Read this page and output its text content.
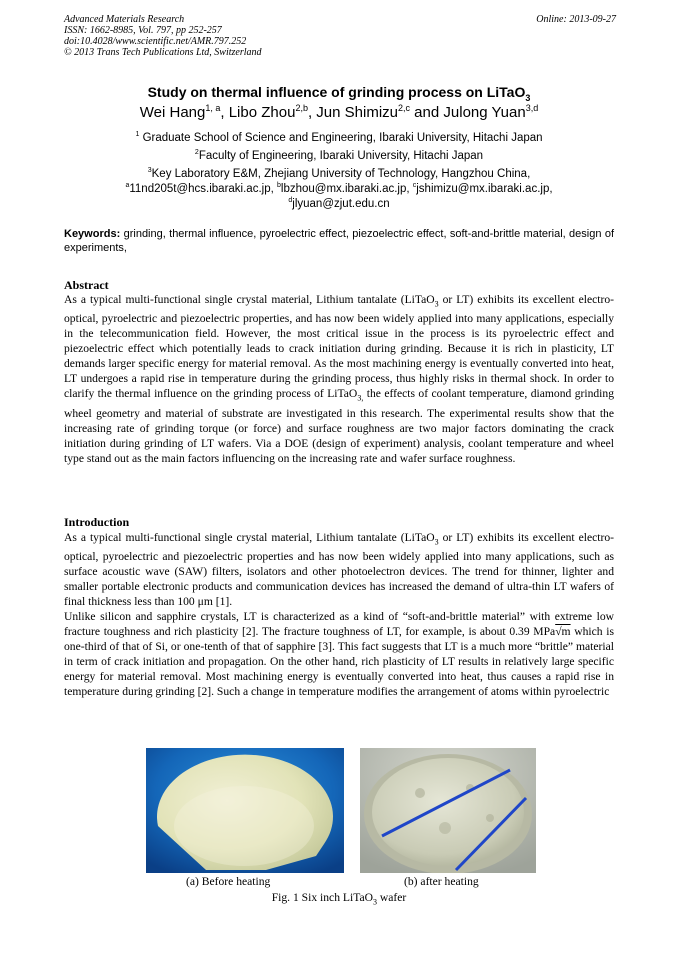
Advanced Materials Research
ISSN: 1662-8985, Vol. 797, pp 252-257
doi:10.4028/www.scientific.net/AMR.797.252
© 2013 Trans Tech Publications Ltd, Switzerland
Online: 2013-09-27
Study on thermal influence of grinding process on LiTaO$_3$
Wei Hang$^{1, a}$, Libo Zhou$^{2,b}$, Jun Shimizu$^{2,c}$ and Julong Yuan$^{3,d}$
$^1$ Graduate School of Science and Engineering, Ibaraki University, Hitachi Japan
$^2$Faculty of Engineering, Ibaraki University, Hitachi Japan
$^3$Key Laboratory E&M, Zhejiang University of Technology, Hangzhou China,
$^a$11nd205t@hcs.ibaraki.ac.jp, $^b$lbzhou@mx.ibaraki.ac.jp, $^c$jshimizu@mx.ibaraki.ac.jp,
$^d$jlyuan@zjut.edu.cn
Keywords: grinding, thermal influence, pyroelectric effect, piezoelectric effect, soft-and-brittle material, design of experiments,
Abstract

As a typical multi-functional single crystal material, Lithium tantalate (LiTaO$_3$ or LT) exhibits its excellent electro-optical, pyroelectric and piezoelectric properties, and has now been widely applied into many applications, especially in the telecommunication field. However, the most critical issue in the process is its pyroelectric effect and piezoelectric effect which potentially leads to crack initiation during grinding. Because it is rich in plasticity, LT demands larger specific energy for material removal. As the most machining energy is eventually converted into heat, LT undergoes a rapid rise in temperature during the grinding process, thus highly risks in thermal shock. In order to clarify the thermal influence on the grinding process of LiTaO$_{3,}$ the effects of coolant temperature, diamond grinding wheel geometry and material of substrate are investigated in this research. The experimental results show that the increasing rate of grinding torque (or force) and surface roughness are two major factors dominating the crack initiation during grinding of LT wafers. Via a DOE (design of experiment) analysis, coolant temperature and wheel type stand out as the main factors influencing on the increasing rate and wafer surface roughness.

Introduction

As a typical multi-functional single crystal material, Lithium tantalate (LiTaO$_3$ or LT) exhibits its excellent electro-optical, pyroelectric and piezoelectric properties and has now been widely applied into many applications, such as surface acoustic wave (SAW) filters, isolators and other photoelectron devices. The trend for thinner, lighter and smaller portable electronic products and communication devices has increased the demand of ultra-thin LT wafers of final thickness less than 100 μm [1].

Unlike silicon and sapphire crystals, LT is characterized as a kind of “soft-and-brittle material” with extreme low fracture toughness and rich plasticity [2]. The fracture toughness of LT, for example, is about 0.39 MPa√m which is one-third of that of Si, or one-tenth of that of sapphire [3]. This fact suggests that LT is a much more “brittle” material in term of crack initiation and propagation. On the other hand, rich plasticity of LT results in relatively large specific energy for material removal. Most machining energy is eventually converted into heat, thus causes a rapid rise in temperature during grinding [2]. Such a change in temperature modifies the arrangement of atoms within pyroelectric

(a) Before heating	(b) after heating
Fig. 1 Six inch LiTaO$_3$ wafer
